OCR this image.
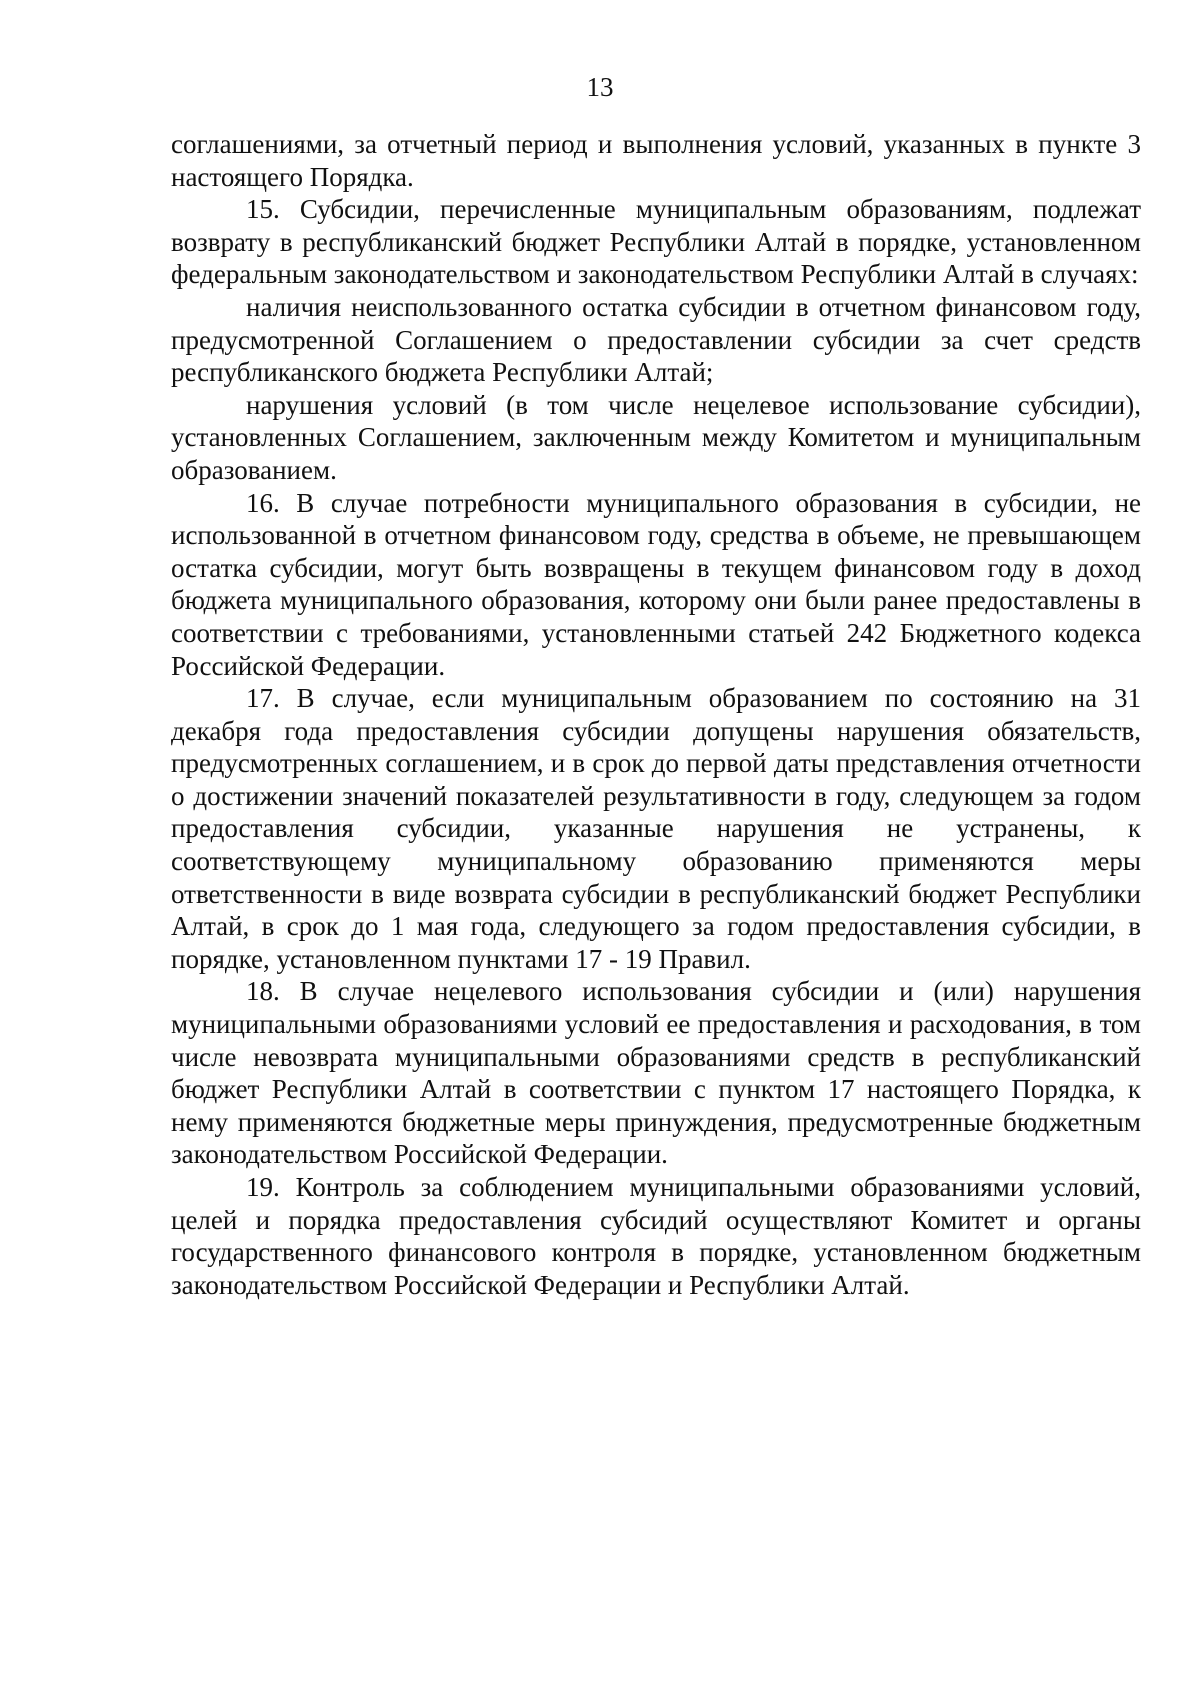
13

соглашениями, за отчетный период и выполнения условий, указанных в пункте 3 настоящего Порядка.

15. Субсидии, перечисленные муниципальным образованиям, подлежат возврату в республиканский бюджет Республики Алтай в порядке, установленном федеральным законодательством и законодательством Республики Алтай в случаях:

наличия неиспользованного остатка субсидии в отчетном финансовом году, предусмотренной Соглашением о предоставлении субсидии за счет средств республиканского бюджета Республики Алтай;

нарушения условий (в том числе нецелевое использование субсидии), установленных Соглашением, заключенным между Комитетом и муниципальным образованием.

16. В случае потребности муниципального образования в субсидии, не использованной в отчетном финансовом году, средства в объеме, не превышающем остатка субсидии, могут быть возвращены в текущем финансовом году в доход бюджета муниципального образования, которому они были ранее предоставлены в соответствии с требованиями, установленными статьей 242 Бюджетного кодекса Российской Федерации.

17. В случае, если муниципальным образованием по состоянию на 31 декабря года предоставления субсидии допущены нарушения обязательств, предусмотренных соглашением, и в срок до первой даты представления отчетности о достижении значений показателей результативности в году, следующем за годом предоставления субсидии, указанные нарушения не устранены, к соответствующему муниципальному образованию применяются меры ответственности в виде возврата субсидии в республиканский бюджет Республики Алтай, в срок до 1 мая года, следующего за годом предоставления субсидии, в порядке, установленном пунктами 17 - 19 Правил.

18. В случае нецелевого использования субсидии и (или) нарушения муниципальными образованиями условий ее предоставления и расходования, в том числе невозврата муниципальными образованиями средств в республиканский бюджет Республики Алтай в соответствии с пунктом 17 настоящего Порядка, к нему применяются бюджетные меры принуждения, предусмотренные бюджетным законодательством Российской Федерации.

19. Контроль за соблюдением муниципальными образованиями условий, целей и порядка предоставления субсидий осуществляют Комитет и органы государственного финансового контроля в порядке, установленном бюджетным законодательством Российской Федерации и Республики Алтай.
